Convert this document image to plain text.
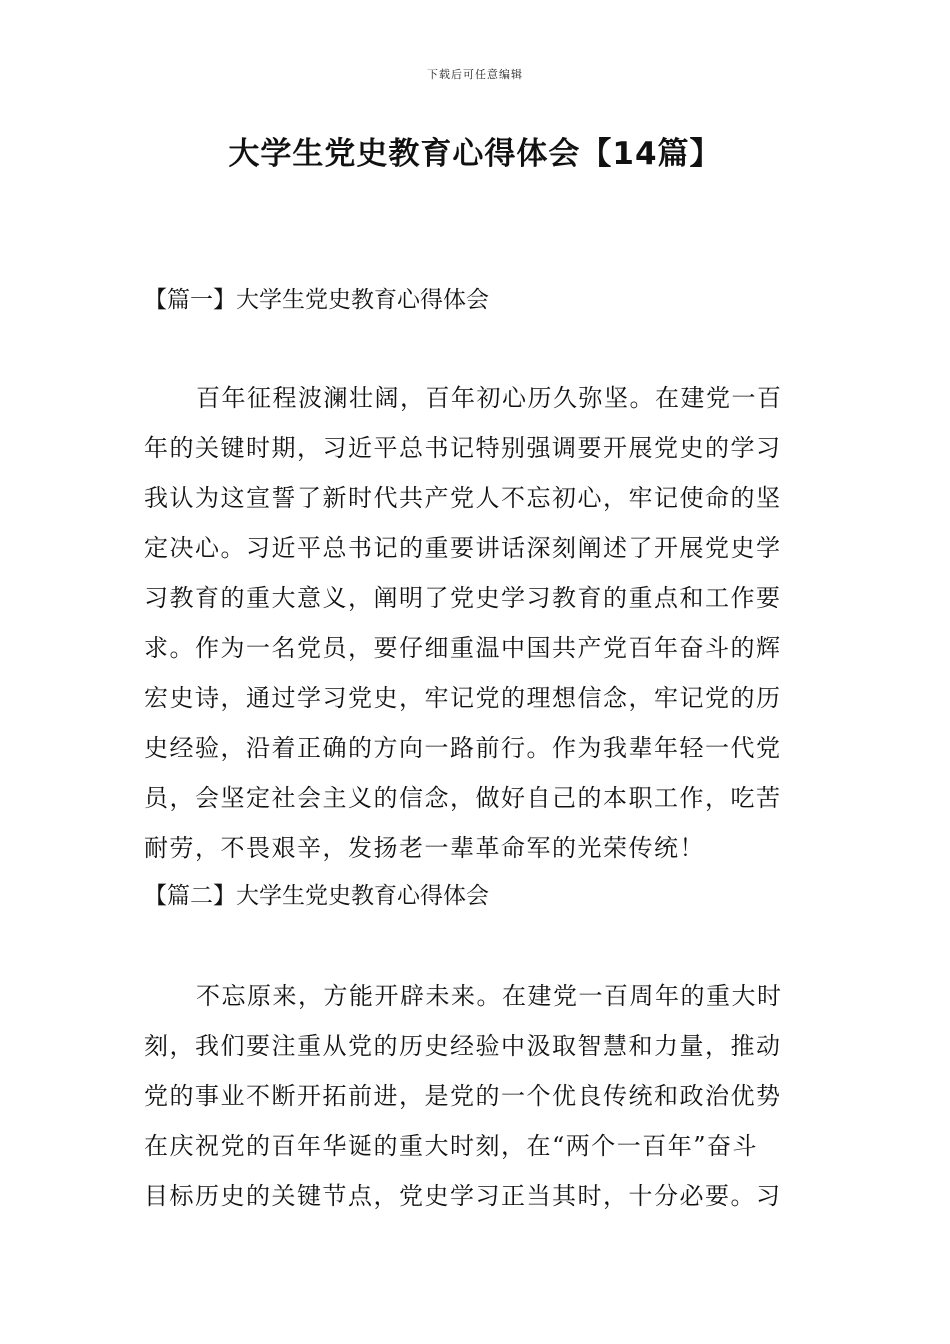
下载后可任意编辑
大学生党史教育心得体会【14篇】
【篇一】大学生党史教育心得体会
百年征程波澜壮阔，百年初心历久弥坚。在建党一百
年的关键时期，习近平总书记特别强调要开展党史的学习
我认为这宣誓了新时代共产党人不忘初心，牢记使命的坚
定决心。习近平总书记的重要讲话深刻阐述了开展党史学
习教育的重大意义，阐明了党史学习教育的重点和工作要
求。作为一名党员，要仔细重温中国共产党百年奋斗的辉
宏史诗，通过学习党史，牢记党的理想信念，牢记党的历
史经验，沿着正确的方向一路前行。作为我辈年轻一代党
员，会坚定社会主义的信念，做好自己的本职工作，吃苦
耐劳，不畏艰辛，发扬老一辈革命军的光荣传统！
【篇二】大学生党史教育心得体会
不忘原来，方能开辟未来。在建党一百周年的重大时
刻，我们要注重从党的历史经验中汲取智慧和力量，推动
党的事业不断开拓前进，是党的一个优良传统和政治优势
在庆祝党的百年华诞的重大时刻，在“两个一百年”奋斗
目标历史的关键节点，党史学习正当其时，十分必要。习
